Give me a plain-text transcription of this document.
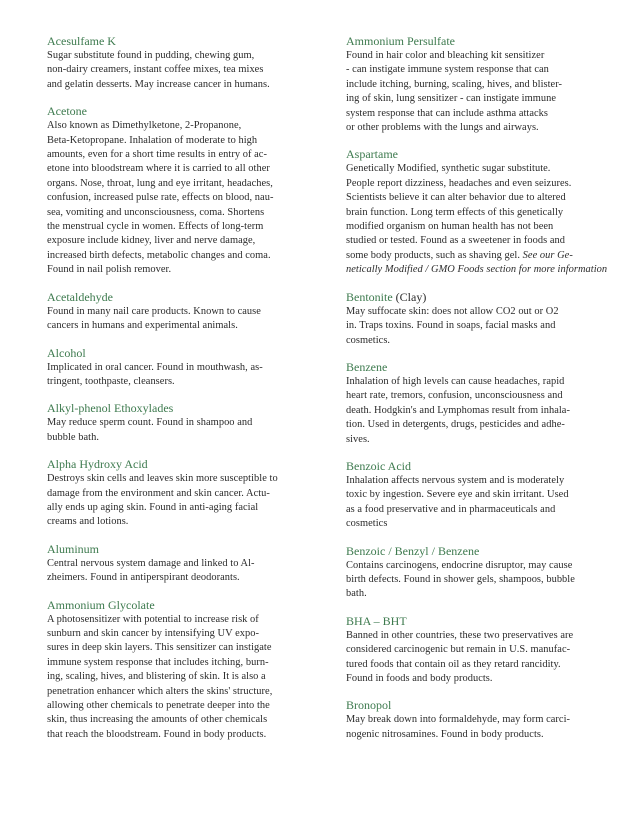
Acesulfame K

Sugar substitute found in pudding, chewing gum,
non-dairy creamers, instant coffee mixes, tea mixes
and gelatin desserts. May increase cancer in humans.

Acetone

Also known as Dimethylketone, 2-Propanone,
Beta-Ketopropane. Inhalation of moderate to high
amounts, even for a short time results in entry of ac-
etone into bloodstream where it is carried to all other
organs. Nose, throat, lung and eye irritant, headaches,
confusion, increased pulse rate, effects on blood, nau-
sea, vomiting and unconsciousness, coma. Shortens
the menstrual cycle in women. Effects of long-term
exposure include kidney, liver and nerve damage,
increased birth defects, metabolic changes and coma.
Found in nail polish remover.

Acetaldehyde

Found in many nail care products. Known to cause
cancers in humans and experimental animals.

Alcohol

Implicated in oral cancer. Found in mouthwash, as-
tringent, toothpaste, cleansers.

Alkyl-phenol Ethoxylades

May reduce sperm count. Found in shampoo and
bubble bath.

Alpha Hydroxy Acid

Destroys skin cells and leaves skin more susceptible to
damage from the environment and skin cancer. Actu-
ally ends up aging skin. Found in anti-aging facial
creams and lotions.

Aluminum

Central nervous system damage and linked to Al-
zheimers. Found in antiperspirant deodorants.

Ammonium Glycolate

A photosensitizer with potential to increase risk of
sunburn and skin cancer by intensifying UV expo-
sures in deep skin layers. This sensitizer can instigate
immune system response that includes itching, burn-
ing, scaling, hives, and blistering of skin. It is also a
penetration enhancer which alters the skins' structure,
allowing other chemicals to penetrate deeper into the
skin, thus increasing the amounts of other chemicals
that reach the bloodstream. Found in body products.

Ammonium Persulfate

Found in hair color and bleaching kit sensitizer
- can instigate immune system response that can
include itching, burning, scaling, hives, and blister-
ing of skin, lung sensitizer - can instigate immune
system response that can include asthma attacks
or other problems with the lungs and airways.

Aspartame

Genetically Modified, synthetic sugar substitute.
People report dizziness, headaches and even seizures.
Scientists believe it can alter behavior due to altered
brain function. Long term effects of this genetically
modified organism on human health has not been
studied or tested. Found as a sweetener in foods and
some body products, such as shaving gel. See our Ge-
netically Modified / GMO Foods section for more information

Bentonite (Clay)

May suffocate skin: does not allow CO2 out or O2
in. Traps toxins. Found in soaps, facial masks and
cosmetics.

Benzene

Inhalation of high levels can cause headaches, rapid
heart rate, tremors, confusion, unconsciousness and
death. Hodgkin's and Lymphomas result from inhala-
tion. Used in detergents, drugs, pesticides and adhe-
sives.

Benzoic Acid

Inhalation affects nervous system and is moderately
toxic by ingestion. Severe eye and skin irritant. Used
as a food preservative and in pharmaceuticals and
cosmetics

Benzoic / Benzyl / Benzene

Contains carcinogens, endocrine disruptor, may cause
birth defects. Found in shower gels, shampoos, bubble
bath.

BHA – BHT

Banned in other countries, these two preservatives are
considered carcinogenic but remain in U.S. manufac-
tured foods that contain oil as they retard rancidity.
Found in foods and body products.

Bronopol

May break down into formaldehyde, may form carci-
nogenic nitrosamines. Found in body products.
